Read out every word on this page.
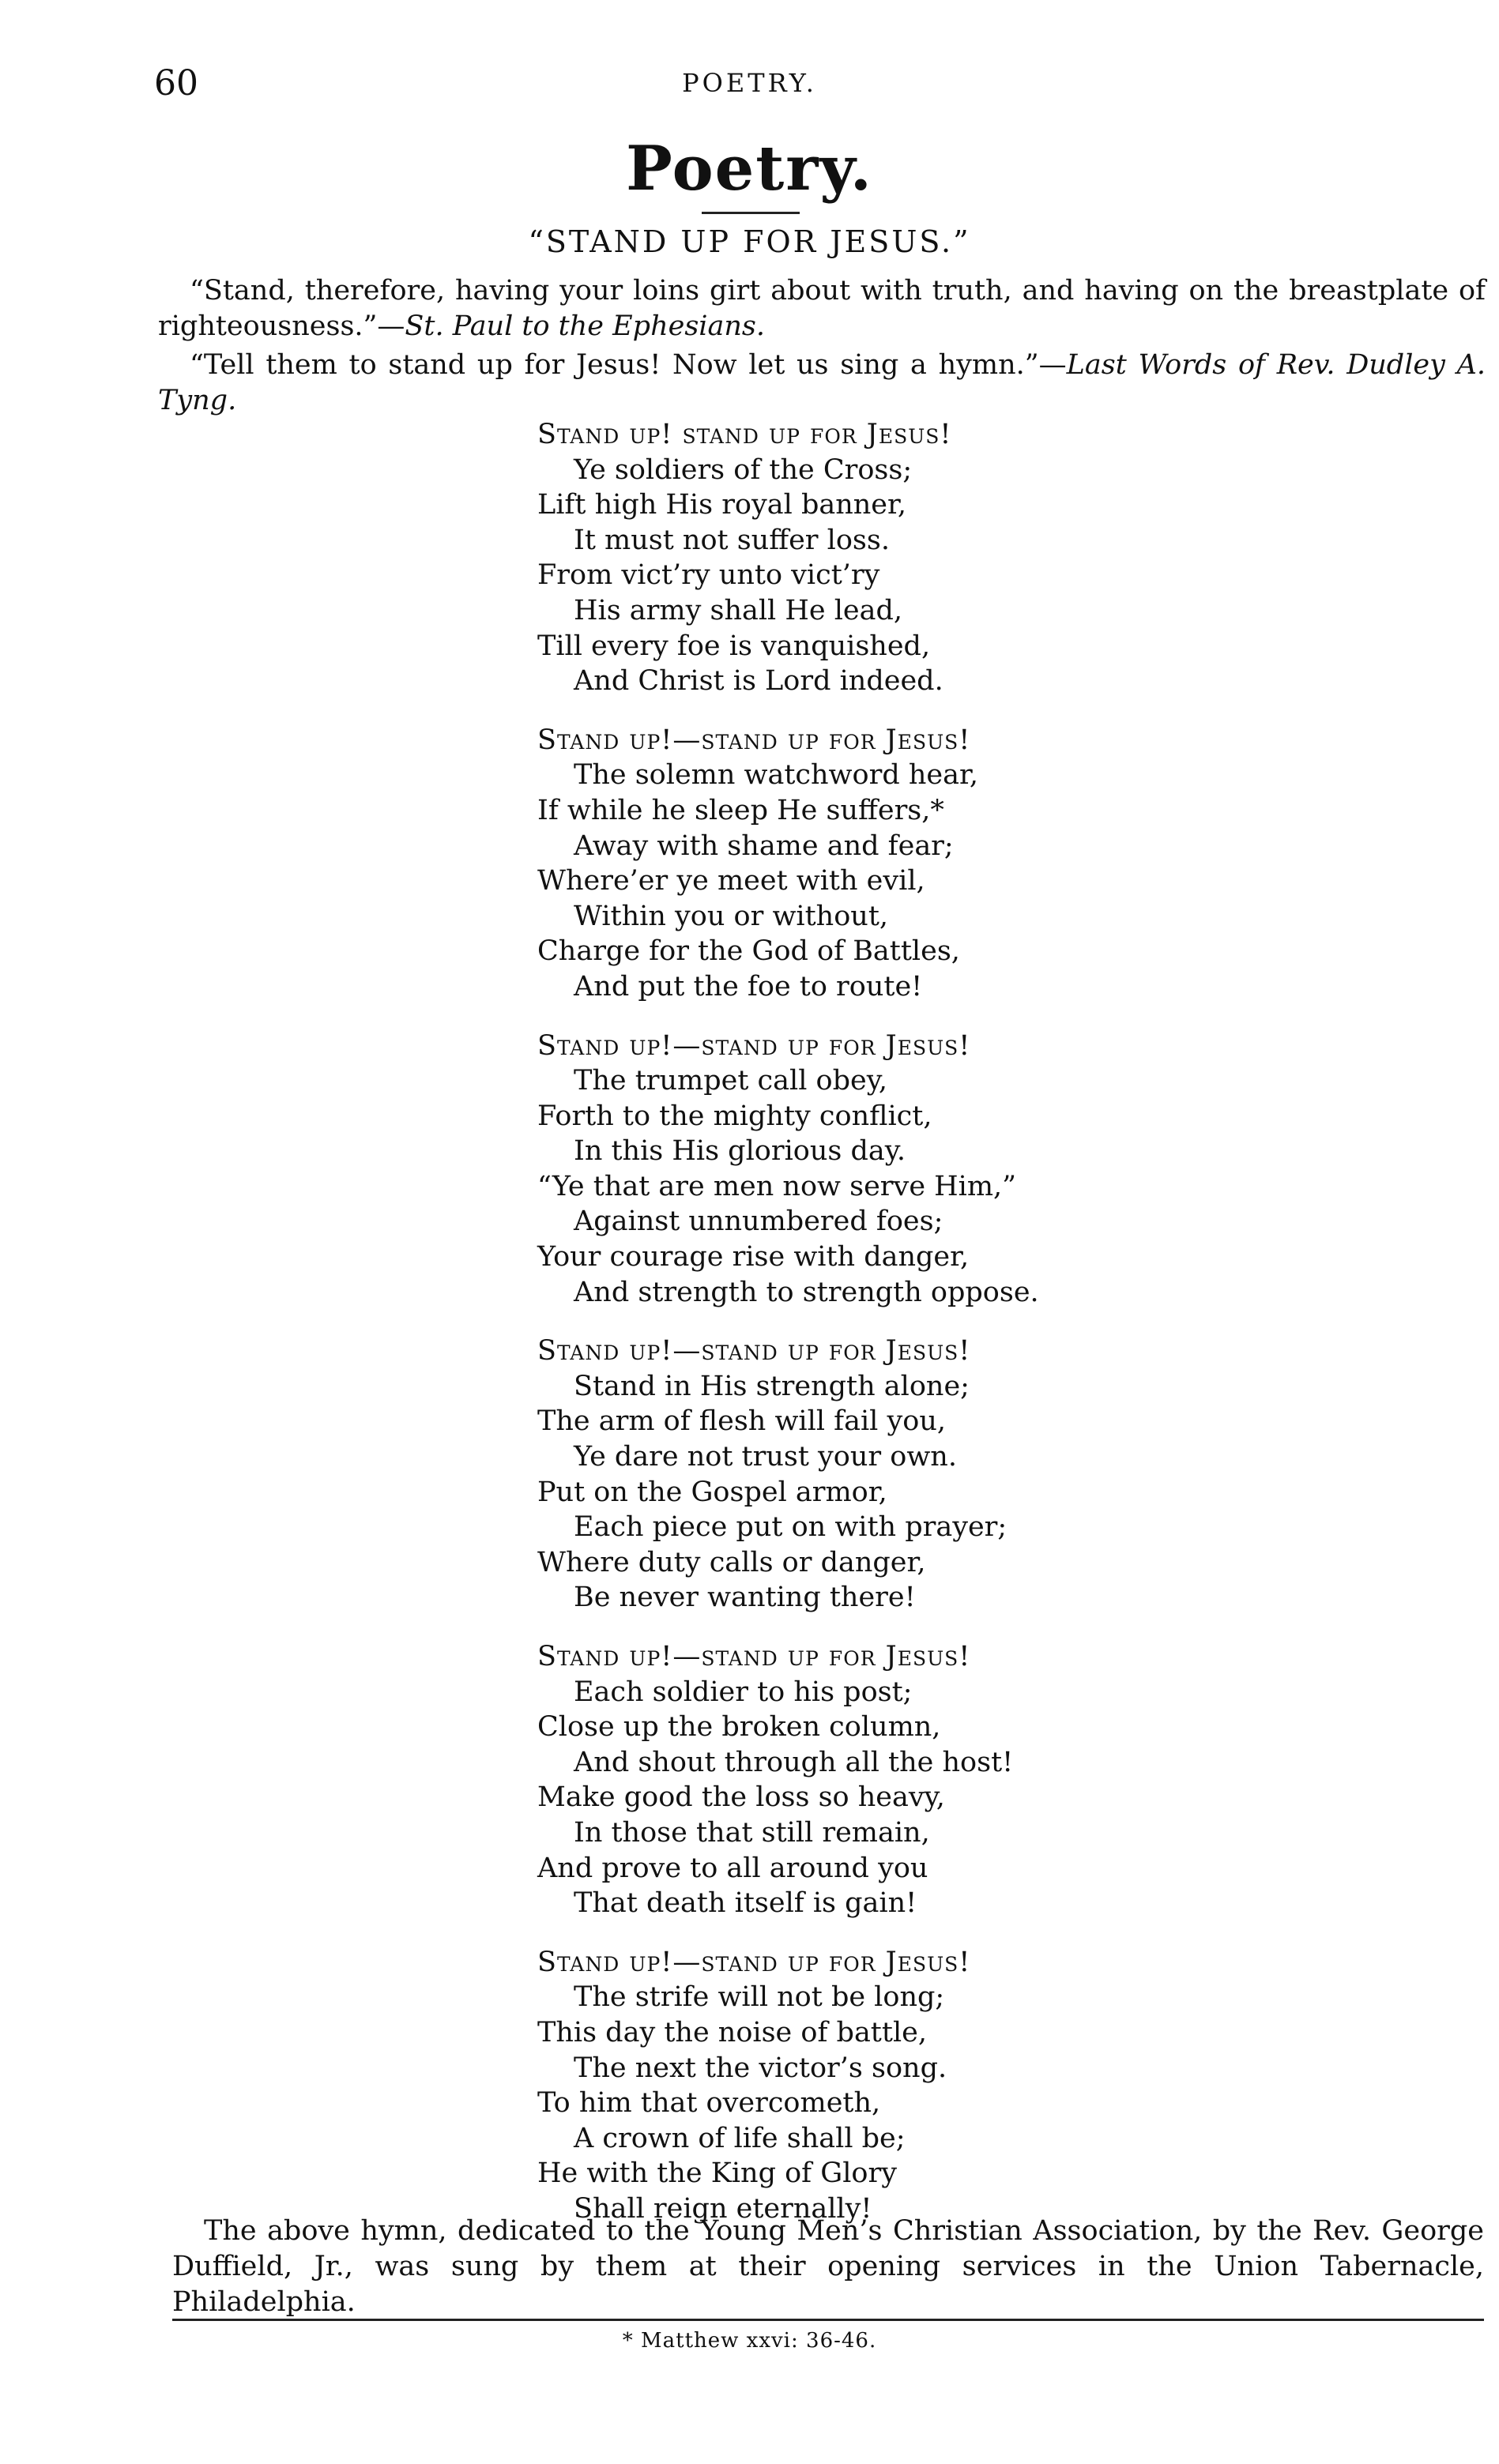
60	POETRY.
Poetry.
“STAND UP FOR JESUS.”
“Stand, therefore, having your loins girt about with truth, and having on the breastplate of righteousness.”—St. Paul to the Ephesians.
“Tell them to stand up for Jesus! Now let us sing a hymn.”—Last Words of Rev. Dudley A. Tyng.
Stand up! stand up for Jesus!
Ye soldiers of the Cross;
Lift high His royal banner,
It must not suffer loss.
From vict’ry unto vict’ry
His army shall He lead,
Till every foe is vanquished,
And Christ is Lord indeed.
Stand up!—stand up for Jesus!
The solemn watchword hear,
If while he sleep He suffers,*
Away with shame and fear;
Where’er ye meet with evil,
Within you or without,
Charge for the God of Battles,
And put the foe to route!
Stand up!—stand up for Jesus!
The trumpet call obey,
Forth to the mighty conflict,
In this His glorious day.
“Ye that are men now serve Him,”
Against unnumbered foes;
Your courage rise with danger,
And strength to strength oppose.
Stand up!—stand up for Jesus!
Stand in His strength alone;
The arm of flesh will fail you,
Ye dare not trust your own.
Put on the Gospel armor,
Each piece put on with prayer;
Where duty calls or danger,
Be never wanting there!
Stand up!—stand up for Jesus!
Each soldier to his post;
Close up the broken column,
And shout through all the host!
Make good the loss so heavy,
In those that still remain,
And prove to all around you
That death itself is gain!
Stand up!—stand up for Jesus!
The strife will not be long;
This day the noise of battle,
The next the victor’s song.
To him that overcometh,
A crown of life shall be;
He with the King of Glory
Shall reign eternally!
The above hymn, dedicated to the Young Men’s Christian Association, by the Rev. George Duffield, Jr., was sung by them at their opening services in the Union Tabernacle, Philadelphia.
* Matthew xxvi: 36-46.
